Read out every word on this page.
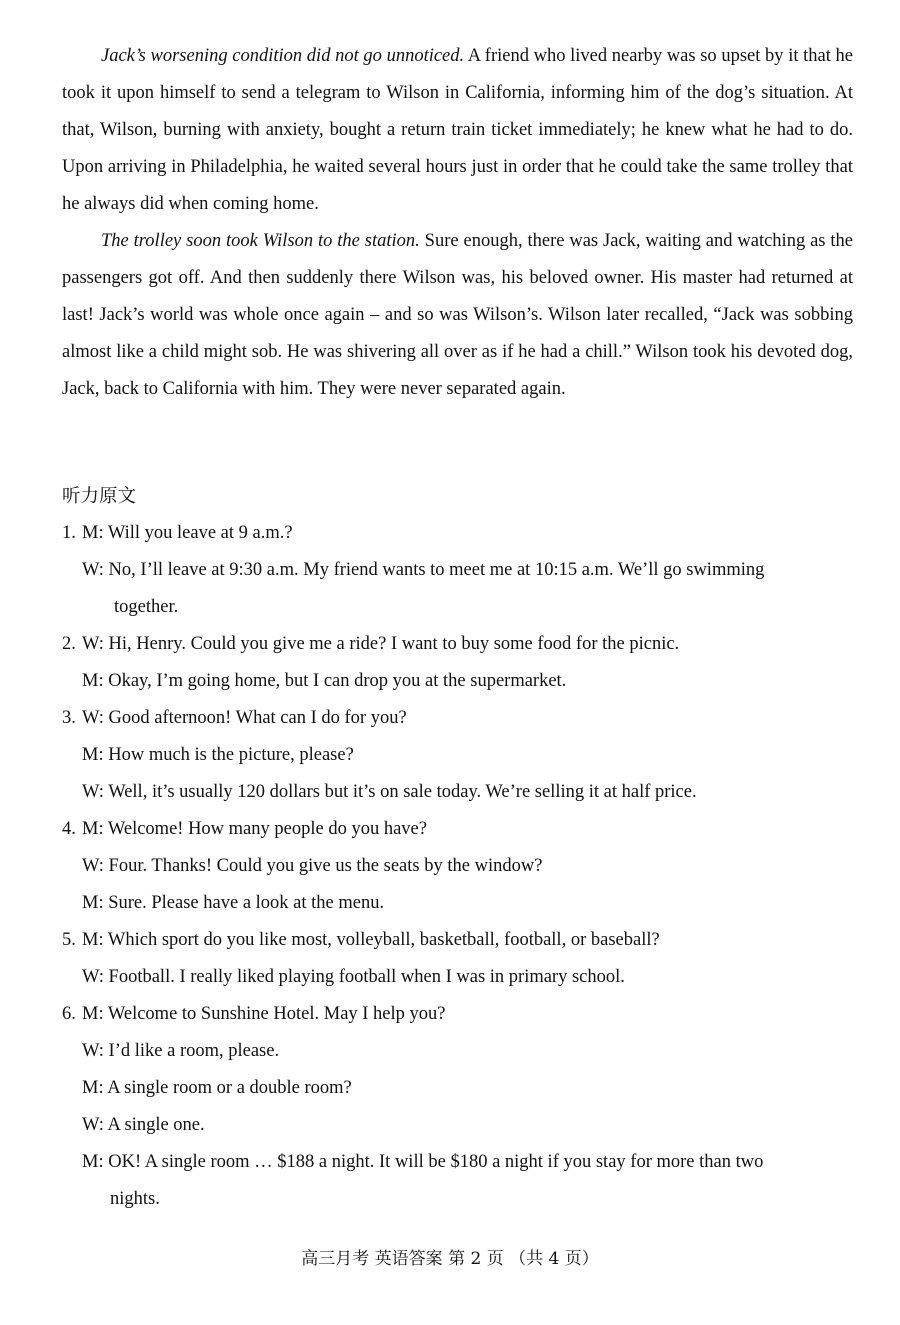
Jack’s worsening condition did not go unnoticed. A friend who lived nearby was so upset by it that he took it upon himself to send a telegram to Wilson in California, informing him of the dog’s situation. At that, Wilson, burning with anxiety, bought a return train ticket immediately; he knew what he had to do. Upon arriving in Philadelphia, he waited several hours just in order that he could take the same trolley that he always did when coming home.

The trolley soon took Wilson to the station. Sure enough, there was Jack, waiting and watching as the passengers got off. And then suddenly there Wilson was, his beloved owner. His master had returned at last! Jack’s world was whole once again – and so was Wilson’s. Wilson later recalled, “Jack was sobbing almost like a child might sob. He was shivering all over as if he had a chill.” Wilson took his devoted dog, Jack, back to California with him. They were never separated again.

听力原文
1. M: Will you leave at 9 a.m.?
W: No, I’ll leave at 9:30 a.m. My friend wants to meet me at 10:15 a.m. We’ll go swimming
together.
2. W: Hi, Henry. Could you give me a ride? I want to buy some food for the picnic.
M: Okay, I’m going home, but I can drop you at the supermarket.
3. W: Good afternoon! What can I do for you?
M: How much is the picture, please?
W: Well, it’s usually 120 dollars but it’s on sale today. We’re selling it at half price.
4. M: Welcome! How many people do you have?
W: Four. Thanks! Could you give us the seats by the window?
M: Sure. Please have a look at the menu.
5. M: Which sport do you like most, volleyball, basketball, football, or baseball?
W: Football. I really liked playing football when I was in primary school.
6. M: Welcome to Sunshine Hotel. May I help you?
W: I’d like a room, please.
M: A single room or a double room?
W: A single one.
M: OK! A single room … $188 a night. It will be $180 a night if you stay for more than two
nights.
高三月考 英语答案 第 2 页 （共 4 页）
